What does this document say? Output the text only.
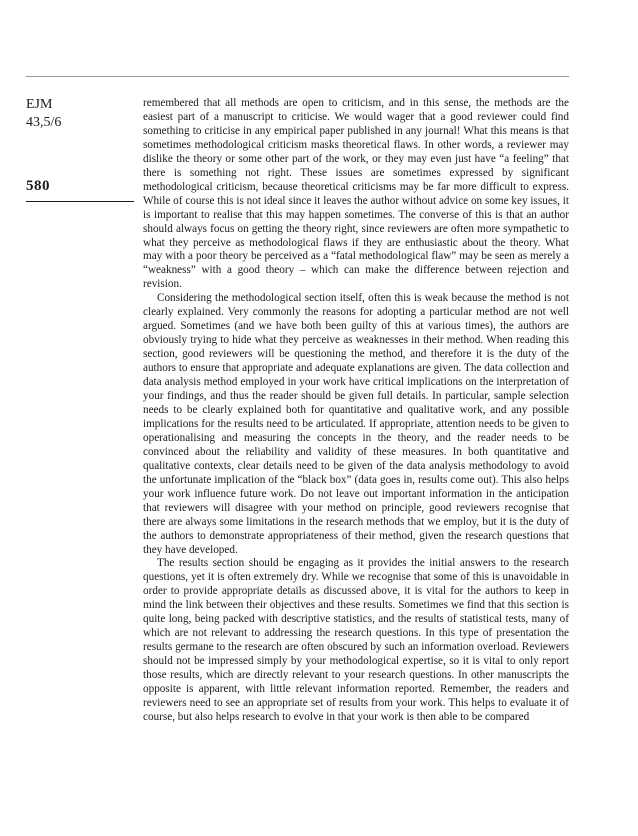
EJM
43,5/6
580

remembered that all methods are open to criticism, and in this sense, the methods are the easiest part of a manuscript to criticise. We would wager that a good reviewer could find something to criticise in any empirical paper published in any journal! What this means is that sometimes methodological criticism masks theoretical flaws. In other words, a reviewer may dislike the theory or some other part of the work, or they may even just have “a feeling” that there is something not right. These issues are sometimes expressed by significant methodological criticism, because theoretical criticisms may be far more difficult to express. While of course this is not ideal since it leaves the author without advice on some key issues, it is important to realise that this may happen sometimes. The converse of this is that an author should always focus on getting the theory right, since reviewers are often more sympathetic to what they perceive as methodological flaws if they are enthusiastic about the theory. What may with a poor theory be perceived as a “fatal methodological flaw” may be seen as merely a “weakness” with a good theory – which can make the difference between rejection and revision.

Considering the methodological section itself, often this is weak because the method is not clearly explained. Very commonly the reasons for adopting a particular method are not well argued. Sometimes (and we have both been guilty of this at various times), the authors are obviously trying to hide what they perceive as weaknesses in their method. When reading this section, good reviewers will be questioning the method, and therefore it is the duty of the authors to ensure that appropriate and adequate explanations are given. The data collection and data analysis method employed in your work have critical implications on the interpretation of your findings, and thus the reader should be given full details. In particular, sample selection needs to be clearly explained both for quantitative and qualitative work, and any possible implications for the results need to be articulated. If appropriate, attention needs to be given to operationalising and measuring the concepts in the theory, and the reader needs to be convinced about the reliability and validity of these measures. In both quantitative and qualitative contexts, clear details need to be given of the data analysis methodology to avoid the unfortunate implication of the “black box” (data goes in, results come out). This also helps your work influence future work. Do not leave out important information in the anticipation that reviewers will disagree with your method on principle, good reviewers recognise that there are always some limitations in the research methods that we employ, but it is the duty of the authors to demonstrate appropriateness of their method, given the research questions that they have developed.

The results section should be engaging as it provides the initial answers to the research questions, yet it is often extremely dry. While we recognise that some of this is unavoidable in order to provide appropriate details as discussed above, it is vital for the authors to keep in mind the link between their objectives and these results. Sometimes we find that this section is quite long, being packed with descriptive statistics, and the results of statistical tests, many of which are not relevant to addressing the research questions. In this type of presentation the results germane to the research are often obscured by such an information overload. Reviewers should not be impressed simply by your methodological expertise, so it is vital to only report those results, which are directly relevant to your research questions. In other manuscripts the opposite is apparent, with little relevant information reported. Remember, the readers and reviewers need to see an appropriate set of results from your work. This helps to evaluate it of course, but also helps research to evolve in that your work is then able to be compared
